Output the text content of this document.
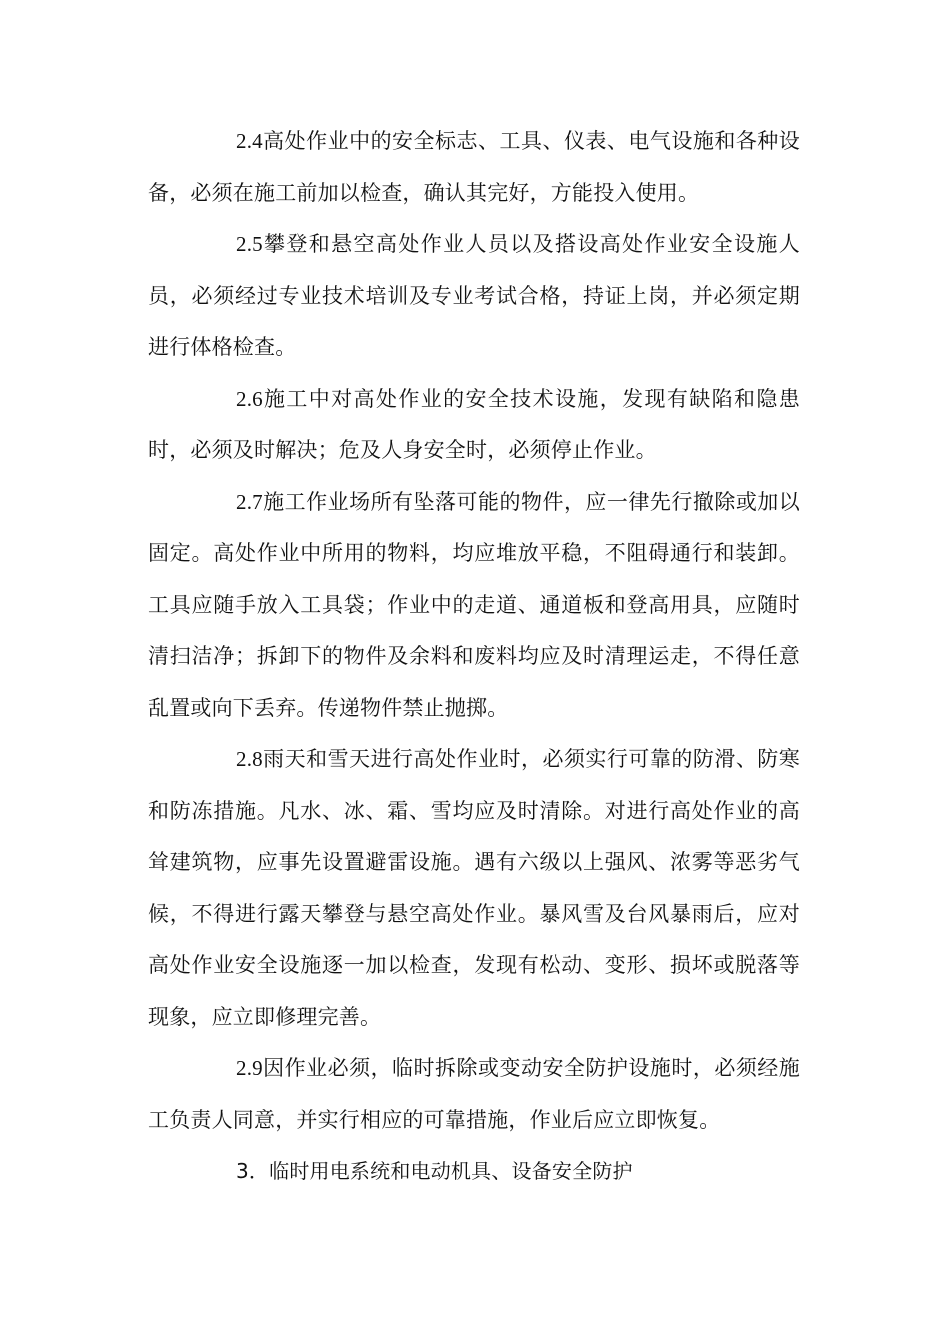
2.4高处作业中的安全标志、工具、仪表、电气设施和各种设备，必须在施工前加以检查，确认其完好，方能投入使用。

2.5攀登和悬空高处作业人员以及搭设高处作业安全设施人员，必须经过专业技术培训及专业考试合格，持证上岗，并必须定期进行体格检查。

2.6施工中对高处作业的安全技术设施，发现有缺陷和隐患时，必须及时解决；危及人身安全时，必须停止作业。

2.7施工作业场所有坠落可能的物件，应一律先行撤除或加以固定。高处作业中所用的物料，均应堆放平稳，不阻碍通行和装卸。工具应随手放入工具袋；作业中的走道、通道板和登高用具，应随时清扫洁净；拆卸下的物件及余料和废料均应及时清理运走，不得任意乱置或向下丢弃。传递物件禁止抛掷。

2.8雨天和雪天进行高处作业时，必须实行可靠的防滑、防寒和防冻措施。凡水、冰、霜、雪均应及时清除。对进行高处作业的高耸建筑物，应事先设置避雷设施。遇有六级以上强风、浓雾等恶劣气候，不得进行露天攀登与悬空高处作业。暴风雪及台风暴雨后，应对高处作业安全设施逐一加以检查，发现有松动、变形、损坏或脱落等现象，应立即修理完善。

2.9因作业必须，临时拆除或变动安全防护设施时，必须经施工负责人同意，并实行相应的可靠措施，作业后应立即恢复。

3．临时用电系统和电动机具、设备安全防护
